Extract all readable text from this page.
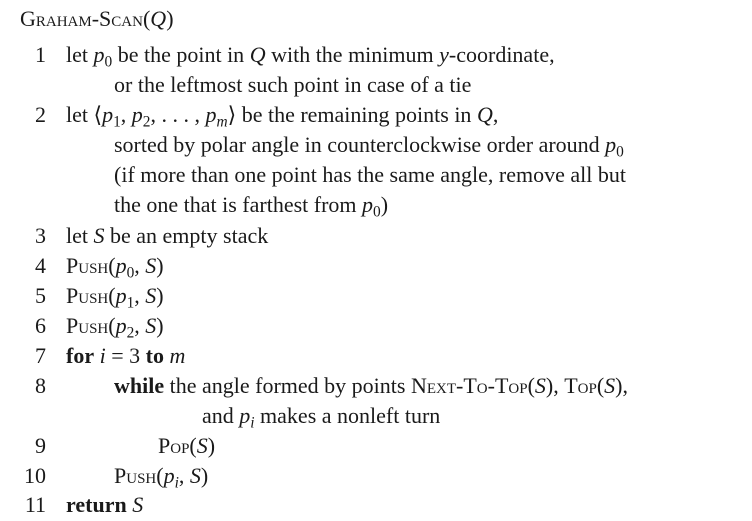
Graham-Scan(Q)
1 let $p_0$ be the point in Q with the minimum y-coordinate,
or the leftmost such point in case of a tie
2 let $⟨p_1$, $p_2$, . . . , $p_m⟩$ be the remaining points in Q,
sorted by polar angle in counterclockwise order around $p_0$
(if more than one point has the same angle, remove all but
the one that is farthest from $p_0$)
3 let S be an empty stack
4 $Push(p_0$, S)
5 $Push(p_1$, S)
6 $Push(p_2$, S)
7 for i = 3 to m
8	while the angle formed by points Next-To-Top(S), Top(S),
and $p_i$ makes a nonleft turn
9	Pop(S)
10	$Push(p_i$, S)
11 return S
